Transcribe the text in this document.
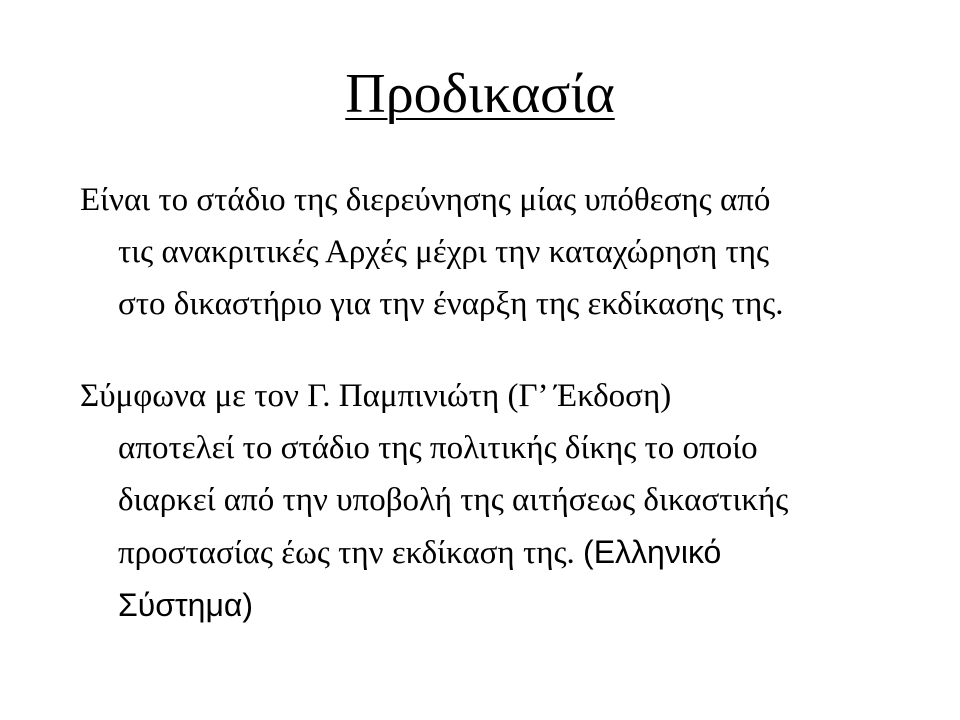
Προδικασία
Είναι το στάδιο της διερεύνησης μίας υπόθεσης από
τις ανακριτικές Αρχές μέχρι την καταχώρηση της
στο δικαστήριο για την έναρξη της εκδίκασης της.
Σύμφωνα με τον Γ. Παμπινιώτη (Γ’ Έκδοση)
αποτελεί το στάδιο της πολιτικής δίκης το οποίο
διαρκεί από την υποβολή της αιτήσεως δικαστικής
προστασίας έως την εκδίκαση της. (Ελληνικό
Σύστημα)
